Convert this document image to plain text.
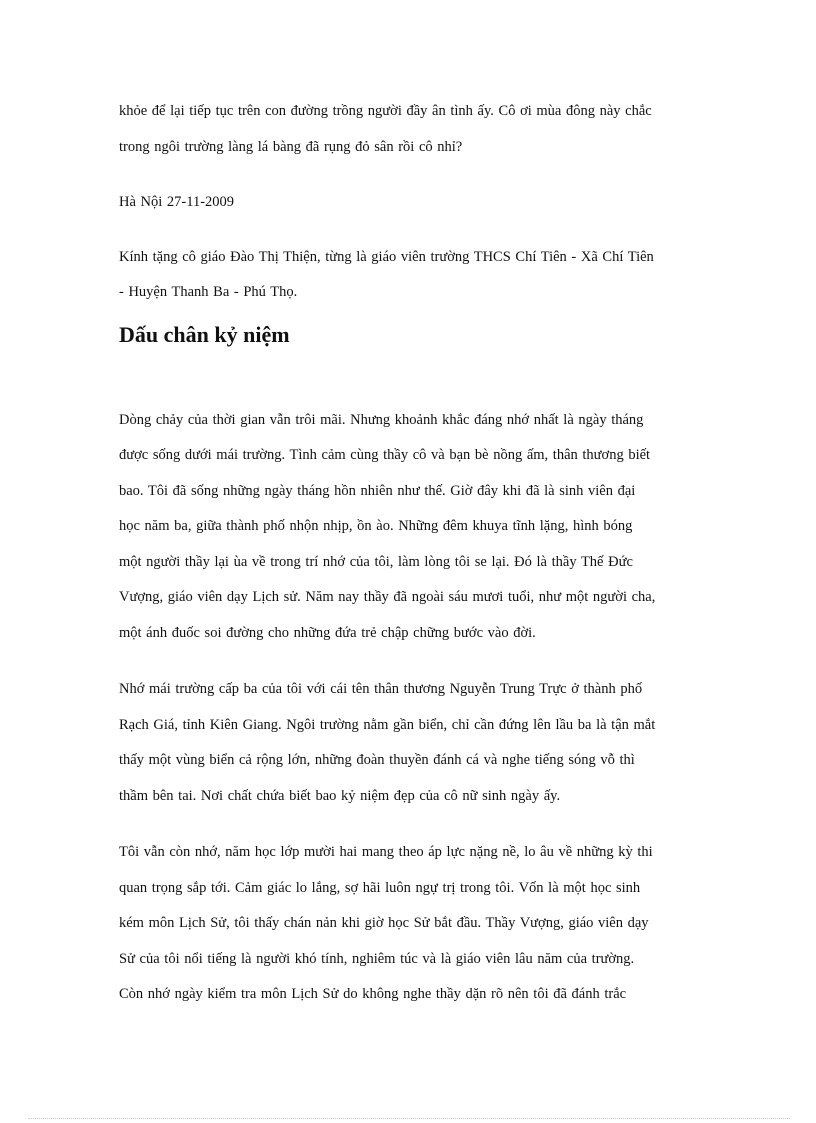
khỏe để lại tiếp tục trên con đường trồng người đầy ân tình ấy. Cô ơi mùa đông này chắc
trong ngôi trường làng lá bàng đã rụng đỏ sân rồi cô nhỉ?
Hà Nội 27-11-2009
Kính tặng cô giáo Đào Thị Thiện, từng là giáo viên trường THCS Chí Tiên - Xã Chí Tiên
- Huyện Thanh Ba - Phú Thọ.
Dấu chân kỷ niệm
Dòng chảy của thời gian vẫn trôi mãi. Nhưng khoảnh khắc đáng nhớ nhất là ngày tháng
được sống dưới mái trường. Tình cảm cùng thầy cô và bạn bè nồng ấm, thân thương biết
bao. Tôi đã sống những ngày tháng hồn nhiên như thế. Giờ đây khi đã là sinh viên đại
học năm ba, giữa thành phố nhộn nhịp, ồn ào. Những đêm khuya tĩnh lặng, hình bóng
một người thầy lại ùa về trong trí nhớ của tôi, làm lòng tôi se lại. Đó là thầy Thế Đức
Vượng, giáo viên dạy Lịch sử. Năm nay thầy đã ngoài sáu mươi tuổi, như một người cha,
một ánh đuốc soi đường cho những đứa trẻ chập chững bước vào đời.
Nhớ mái trường cấp ba của tôi với cái tên thân thương Nguyễn Trung Trực ở thành phố
Rạch Giá, tỉnh Kiên Giang. Ngôi trường nằm gần biển, chỉ cần đứng lên lầu ba là tận mắt
thấy một vùng biển cả rộng lớn, những đoàn thuyền đánh cá và nghe tiếng sóng vỗ thì
thầm bên tai. Nơi chất chứa biết bao kỷ niệm đẹp của cô nữ sinh ngày ấy.
Tôi vẫn còn nhớ, năm học lớp mười hai mang theo áp lực nặng nề, lo âu về những kỳ thi
quan trọng sắp tới. Cảm giác lo lắng, sợ hãi luôn ngự trị trong tôi. Vốn là một học sinh
kém môn Lịch Sử, tôi thấy chán nản khi giờ học Sử bắt đầu. Thầy Vượng, giáo viên dạy
Sử của tôi nổi tiếng là người khó tính, nghiêm túc và là giáo viên lâu năm của trường.
Còn nhớ ngày kiểm tra môn Lịch Sử do không nghe thầy dặn rõ nên tôi đã đánh trắc
